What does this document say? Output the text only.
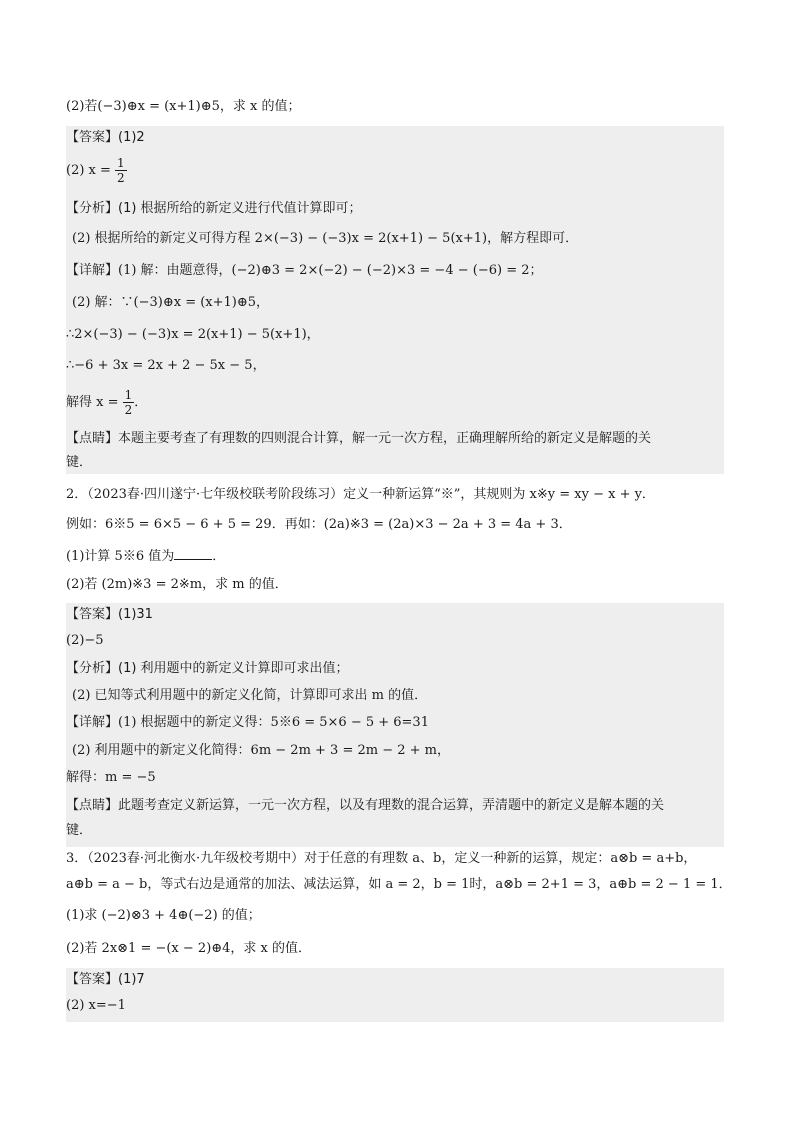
(2)若(−3)⊕x = (x+1)⊕5，求 x 的值；
【答案】(1)2
(2) $x = \frac{1}{2}$
【分析】(1) 根据所给的新定义进行代值计算即可；
(2) 根据所给的新定义可得方程 2×(−3) − (−3)x = 2(x+1) − 5(x+1)，解方程即可．
【详解】(1) 解：由题意得，(−2)⊕3 = 2×(−2) − (−2)×3 = −4 − (−6) = 2；
(2) 解：∵(−3)⊕x = (x+1)⊕5，
∴2×(−3) − (−3)x = 2(x+1) − 5(x+1)，
∴−6 + 3x = 2x + 2 − 5x − 5，
解得 $x = \frac{1}{2}$ ．
【点睛】本题主要考查了有理数的四则混合计算，解一元一次方程，正确理解所给的新定义是解题的关
键．
2．（2023春·四川遂宁·七年级校联考阶段练习）定义一种新运算“※”，其规则为 x※y = xy − x + y．
例如：6※5 = 6×5 − 6 + 5 = 29．再如：(2a)※3 = (2a)×3 − 2a + 3 = 4a + 3．
(1)计算 5※6 值为	．
(2)若 (2m)※3 = 2※m，求 m 的值．
【答案】(1)31
(2)−5
【分析】(1) 利用题中的新定义计算即可求出值；
(2) 已知等式利用题中的新定义化简，计算即可求出 m 的值．
【详解】(1) 根据题中的新定义得：5※6 = 5×6 − 5 + 6=31
(2) 利用题中的新定义化简得：6m − 2m + 3 = 2m − 2 + m，
解得：m = −5
【点睛】此题考查定义新运算，一元一次方程，以及有理数的混合运算，弄清题中的新定义是解本题的关
键．
3．（2023春·河北衡水·九年级校考期中）对于任意的有理数 a、b，定义一种新的运算，规定：a⊗b = a+b，
a⊕b = a − b，等式右边是通常的加法、减法运算，如 a = 2，b = 1时，a⊗b = 2+1 = 3，a⊕b = 2 − 1 = 1．
(1)求 (−2)⊗3 + 4⊕(−2) 的值；
(2)若 2x⊗1 = −(x − 2)⊕4，求 x 的值．
【答案】(1)7
(2) x=−1
